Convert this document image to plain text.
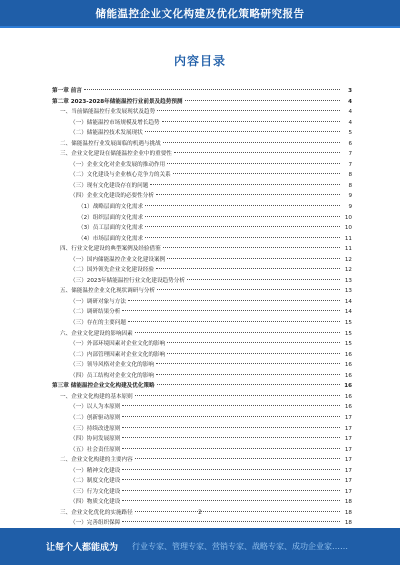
储能温控企业文化构建及优化策略研究报告
内容目录
第一章 前言	3
第二章 2023-2028年储能温控行业前景及趋势预测	4
一、当前储能温控行业发展现状及趋势	4
（一）储能温控市场规模及增长趋势	4
（二）储能温控技术发展现状	5
二、储能温控行业发展面临的机遇与挑战	6
三、企业文化建设在储能温控企业中的重要性	7
（一）企业文化对企业发展的推动作用	7
（二）文化建设与企业核心竞争力的关系	8
（三）现有文化建设存在的问题	8
（四）企业文化建设的必要性分析	9
（1）战略层面的文化需求	9
（2）组织层面的文化需求	10
（3）员工层面的文化需求	10
（4）市场层面的文化需求	11
四、行业文化建设的典型案例及经验借鉴	11
（一）国内储能温控企业文化建设案例	12
（二）国外领先企业文化建设经验	12
（三）2023年储能温控行业文化建设趋势分析	13
五、储能温控企业文化现状调研与分析	13
（一）调研对象与方法	14
（二）调研结果分析	14
（三）存在的主要问题	15
六、企业文化建设的影响因素	15
（一）外部环境因素对企业文化的影响	15
（二）内部管理因素对企业文化的影响	16
（三）领导风格对企业文化的影响	16
（四）员工结构对企业文化的影响	16
第三章 储能温控企业文化构建及优化策略	16
一、企业文化构建的基本原则	16
（一）以人为本原则	16
（二）创新驱动原则	17
（三）持续改进原则	17
（四）协同发展原则	17
（五）社会责任原则	17
二、企业文化构建的主要内容	17
（一）精神文化建设	17
（二）制度文化建设	17
（三）行为文化建设	17
（四）物质文化建设	18
三、企业文化优化的实施路径	18
（一）完善组织保障	18
2
让每个人都能成为 行业专家、管理专家、营销专家、战略专家、成功企业家……
